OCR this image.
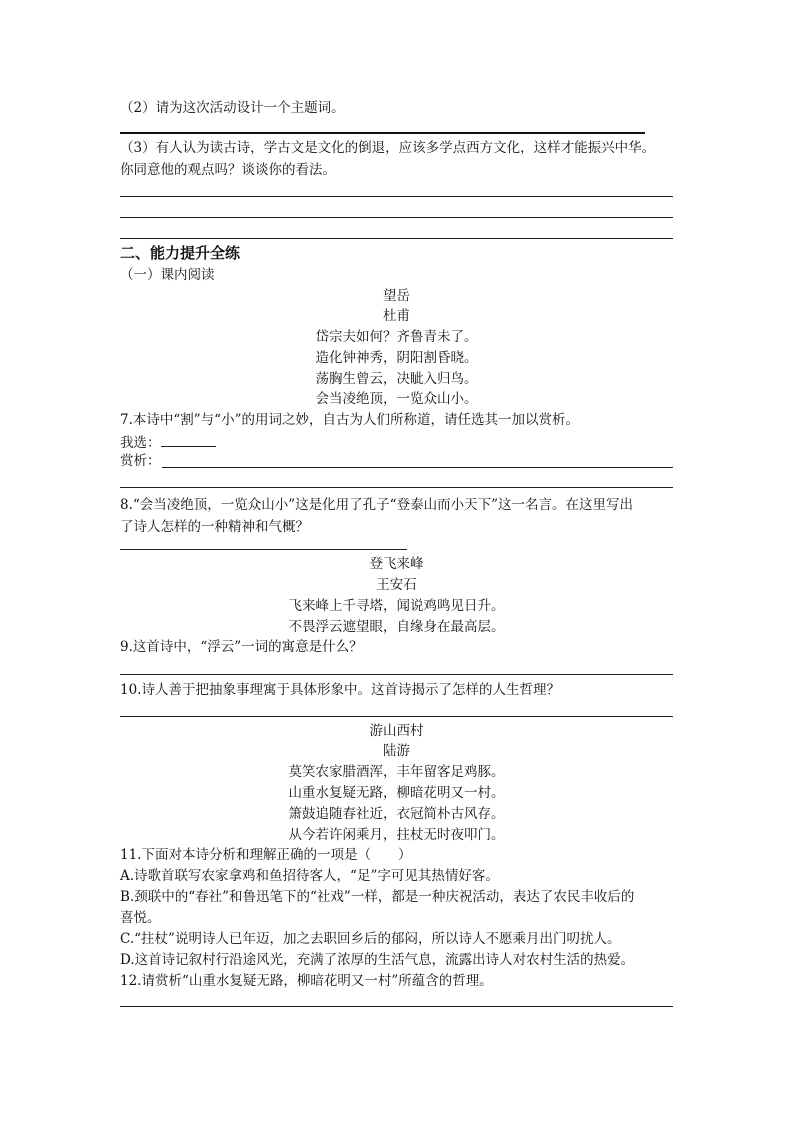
（2）请为这次活动设计一个主题词。
（3）有人认为读古诗，学古文是文化的倒退，应该多学点西方文化，这样才能振兴中华。
你同意他的观点吗？谈谈你的看法。
二、能力提升全练
（一）课内阅读
望岳
杜甫
岱宗夫如何？齐鲁青未了。
造化钟神秀，阴阳割昏晓。
荡胸生曾云，决眦入归鸟。
会当凌绝顶，一览众山小。
7.本诗中“割”与“小”的用词之妙，自古为人们所称道，请任选其一加以赏析。
我选：
赏析：
8.“会当凌绝顶，一览众山小”这是化用了孔子“登泰山而小天下”这一名言。在这里写出
了诗人怎样的一种精神和气概？
登飞来峰
王安石
飞来峰上千寻塔，闻说鸡鸣见日升。
不畏浮云遮望眼，自缘身在最高层。
9.这首诗中，“浮云”一词的寓意是什么？
10.诗人善于把抽象事理寓于具体形象中。这首诗揭示了怎样的人生哲理？
游山西村
陆游
莫笑农家腊酒浑，丰年留客足鸡豚。
山重水复疑无路，柳暗花明又一村。
箫鼓追随春社近，衣冠简朴古风存。
从今若许闲乘月，拄杖无时夜叩门。
11.下面对本诗分析和理解正确的一项是（　　）
A.诗歌首联写农家拿鸡和鱼招待客人，“足”字可见其热情好客。
B.颈联中的“春社”和鲁迅笔下的“社戏”一样，都是一种庆祝活动，表达了农民丰收后的
喜悦。
C.“拄杖”说明诗人已年迈，加之去职回乡后的郁闷，所以诗人不愿乘月出门叨扰人。
D.这首诗记叙村行沿途风光，充满了浓厚的生活气息，流露出诗人对农村生活的热爱。
12.请赏析“山重水复疑无路，柳暗花明又一村”所蕴含的哲理。
